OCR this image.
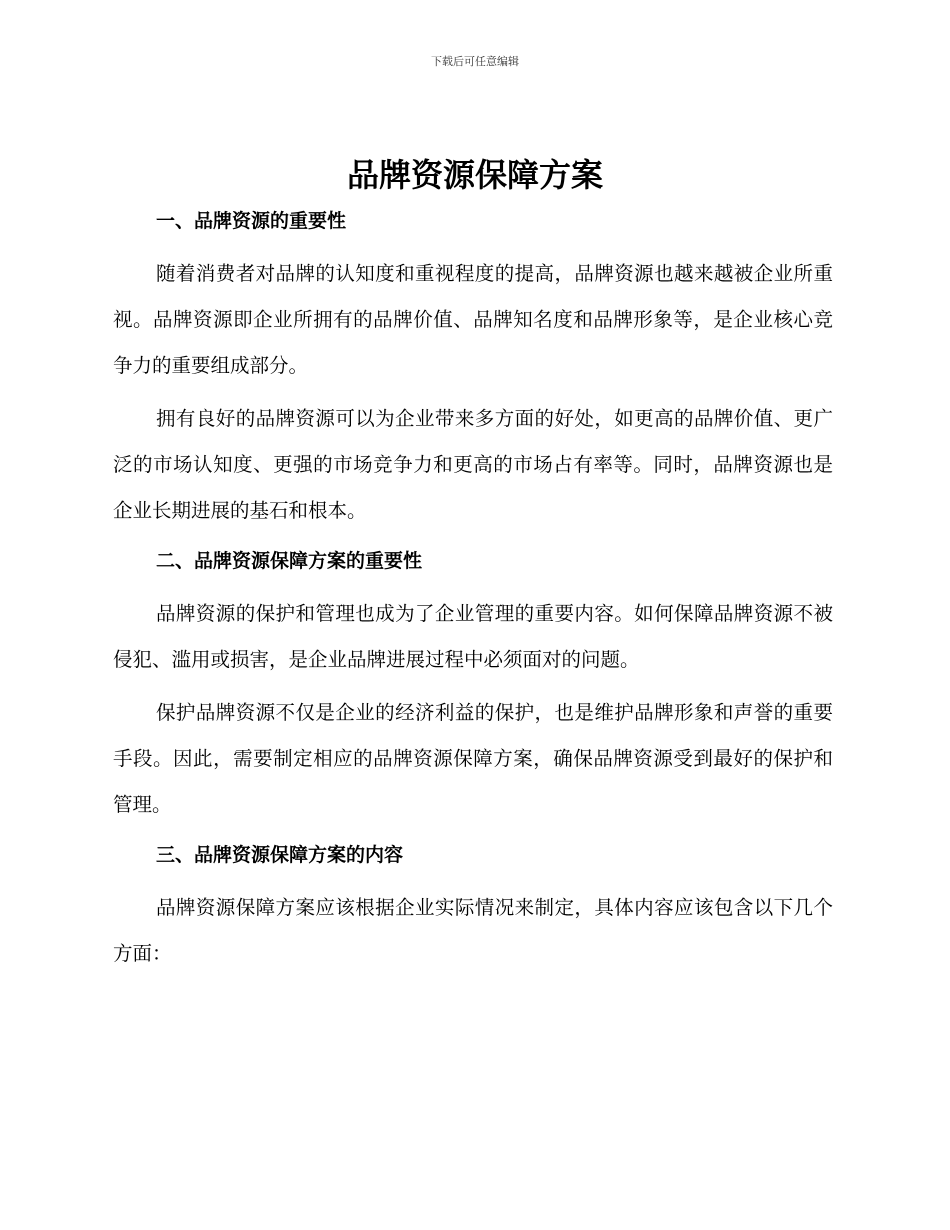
下载后可任意编辑
品牌资源保障方案
一、品牌资源的重要性

随着消费者对品牌的认知度和重视程度的提高，品牌资源也越来越被企业所重视。品牌资源即企业所拥有的品牌价值、品牌知名度和品牌形象等，是企业核心竞争力的重要组成部分。

拥有良好的品牌资源可以为企业带来多方面的好处，如更高的品牌价值、更广泛的市场认知度、更强的市场竞争力和更高的市场占有率等。同时，品牌资源也是企业长期进展的基石和根本。

二、品牌资源保障方案的重要性

品牌资源的保护和管理也成为了企业管理的重要内容。如何保障品牌资源不被侵犯、滥用或损害，是企业品牌进展过程中必须面对的问题。

保护品牌资源不仅是企业的经济利益的保护，也是维护品牌形象和声誉的重要手段。因此，需要制定相应的品牌资源保障方案，确保品牌资源受到最好的保护和管理。

三、品牌资源保障方案的内容

品牌资源保障方案应该根据企业实际情况来制定，具体内容应该包含以下几个方面：
